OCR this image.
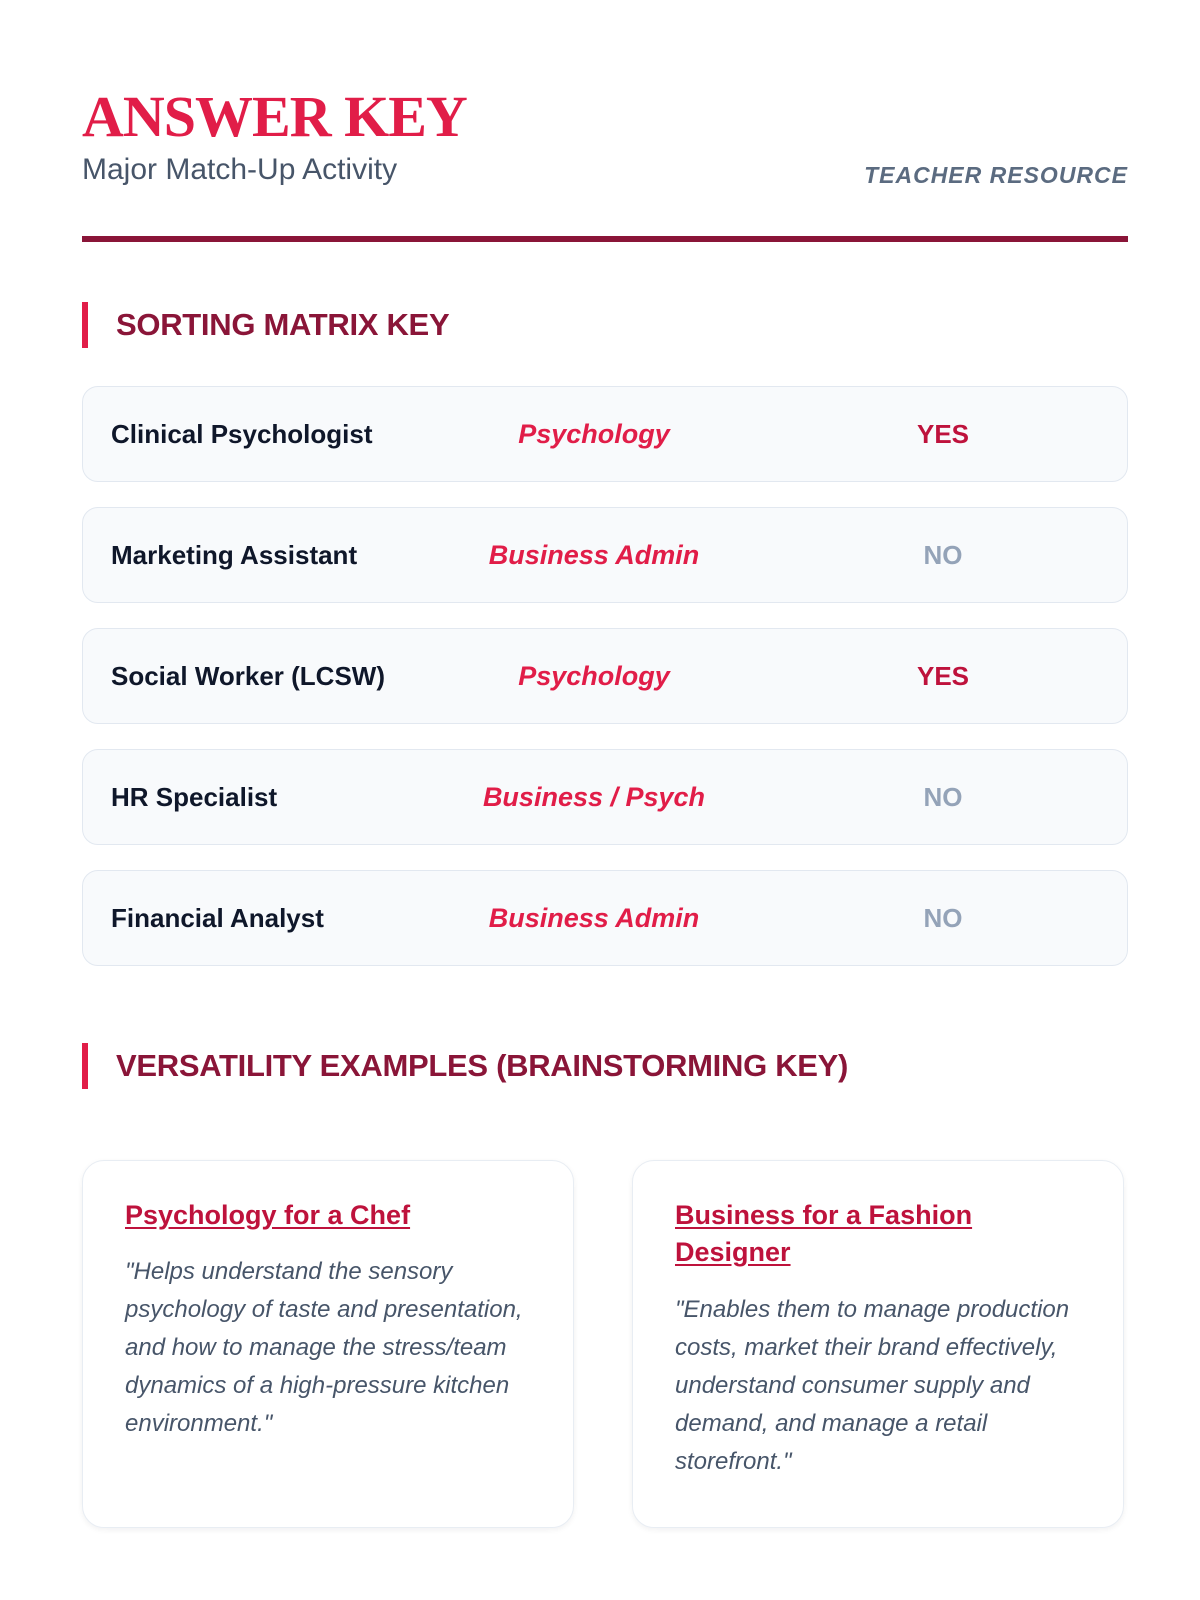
ANSWER KEY
Major Match-Up Activity	TEACHER RESOURCE
SORTING MATRIX KEY
Clinical Psychologist	Psychology	YES
Marketing Assistant	Business Admin	NO
Social Worker (LCSW)	Psychology	YES
HR Specialist	Business / Psych	NO
Financial Analyst	Business Admin	NO
VERSATILITY EXAMPLES (BRAINSTORMING KEY)
Psychology for a Chef
"Helps understand the sensory psychology of taste and presentation, and how to manage the stress/team dynamics of a high-pressure kitchen environment."
Business for a Fashion Designer
"Enables them to manage production costs, market their brand effectively, understand consumer supply and demand, and manage a retail storefront."
